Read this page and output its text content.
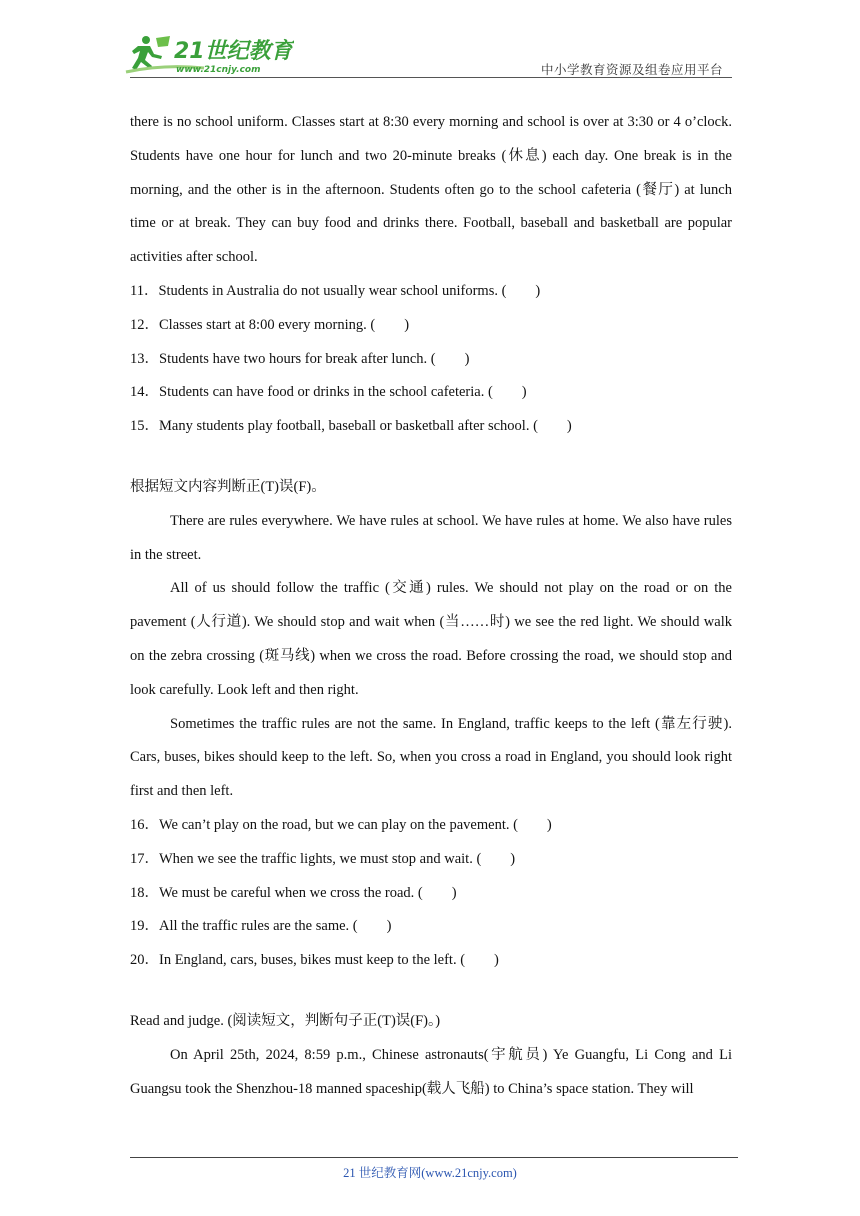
21世纪教育
www.21cnjy.com	中小学教育资源及组卷应用平台

there is no school uniform. Classes start at 8:30 every morning and school is over at 3:30 or 4 o’clock. Students have one hour for lunch and two 20-minute breaks (休息) each day. One break is in the morning, and the other is in the afternoon. Students often go to the school cafeteria (餐厅) at lunch time or at break. They can buy food and drinks there. Football, baseball and basketball are popular activities after school.

11．Students in Australia do not usually wear school uniforms. (        )

12．Classes start at 8:00 every morning. (        )

13．Students have two hours for break after lunch. (        )

14．Students can have food or drinks in the school cafeteria. (        )

15．Many students play football, baseball or basketball after school. (        )

根据短文内容判断正(T)误(F)。

There are rules everywhere. We have rules at school. We have rules at home. We also have rules in the street.

All of us should follow the traffic (交通) rules. We should not play on the road or on the pavement (人行道). We should stop and wait when (当……时) we see the red light. We should walk on the zebra crossing (斑马线) when we cross the road. Before crossing the road, we should stop and look carefully. Look left and then right.

Sometimes the traffic rules are not the same. In England, traffic keeps to the left (靠左行驶). Cars, buses, bikes should keep to the left. So, when you cross a road in England, you should look right first and then left.

16．We can’t play on the road, but we can play on the pavement. (        )

17．When we see the traffic lights, we must stop and wait. (        )

18．We must be careful when we cross the road. (        )

19．All the traffic rules are the same. (        )

20．In England, cars, buses, bikes must keep to the left. (        )

Read and judge. (阅读短文，判断句子正(T)误(F)。)

On April 25th, 2024, 8:59 p.m., Chinese astronauts(宇航员) Ye Guangfu, Li Cong and Li Guangsu took the Shenzhou-18 manned spaceship(载人飞船) to China’s space station. They will

21 世纪教育网(www.21cnjy.com)
